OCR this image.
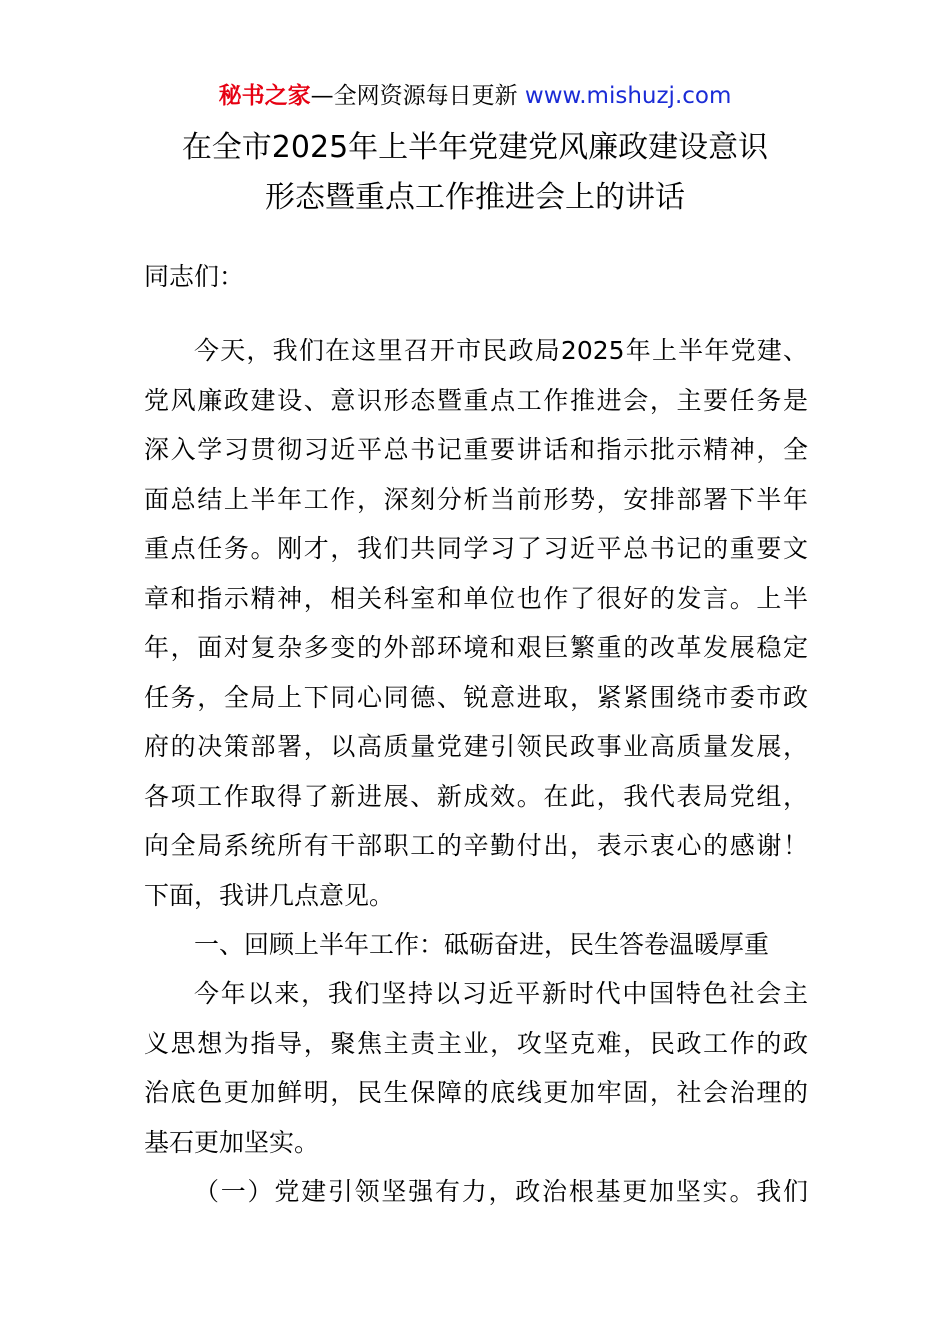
秘书之家—全网资源每日更新 www.mishuzj.com
在全市2025年上半年党建党风廉政建设意识
形态暨重点工作推进会上的讲话
同志们：
今天，我们在这里召开市民政局2025年上半年党建、
党风廉政建设、意识形态暨重点工作推进会，主要任务是
深入学习贯彻习近平总书记重要讲话和指示批示精神，全
面总结上半年工作，深刻分析当前形势，安排部署下半年
重点任务。刚才，我们共同学习了习近平总书记的重要文
章和指示精神，相关科室和单位也作了很好的发言。上半
年，面对复杂多变的外部环境和艰巨繁重的改革发展稳定
任务，全局上下同心同德、锐意进取，紧紧围绕市委市政
府的决策部署，以高质量党建引领民政事业高质量发展，
各项工作取得了新进展、新成效。在此，我代表局党组，
向全局系统所有干部职工的辛勤付出，表示衷心的感谢！
下面，我讲几点意见。
一、回顾上半年工作：砥砺奋进，民生答卷温暖厚重
今年以来，我们坚持以习近平新时代中国特色社会主
义思想为指导，聚焦主责主业，攻坚克难，民政工作的政
治底色更加鲜明，民生保障的底线更加牢固，社会治理的
基石更加坚实。
（一）党建引领坚强有力，政治根基更加坚实。我们
